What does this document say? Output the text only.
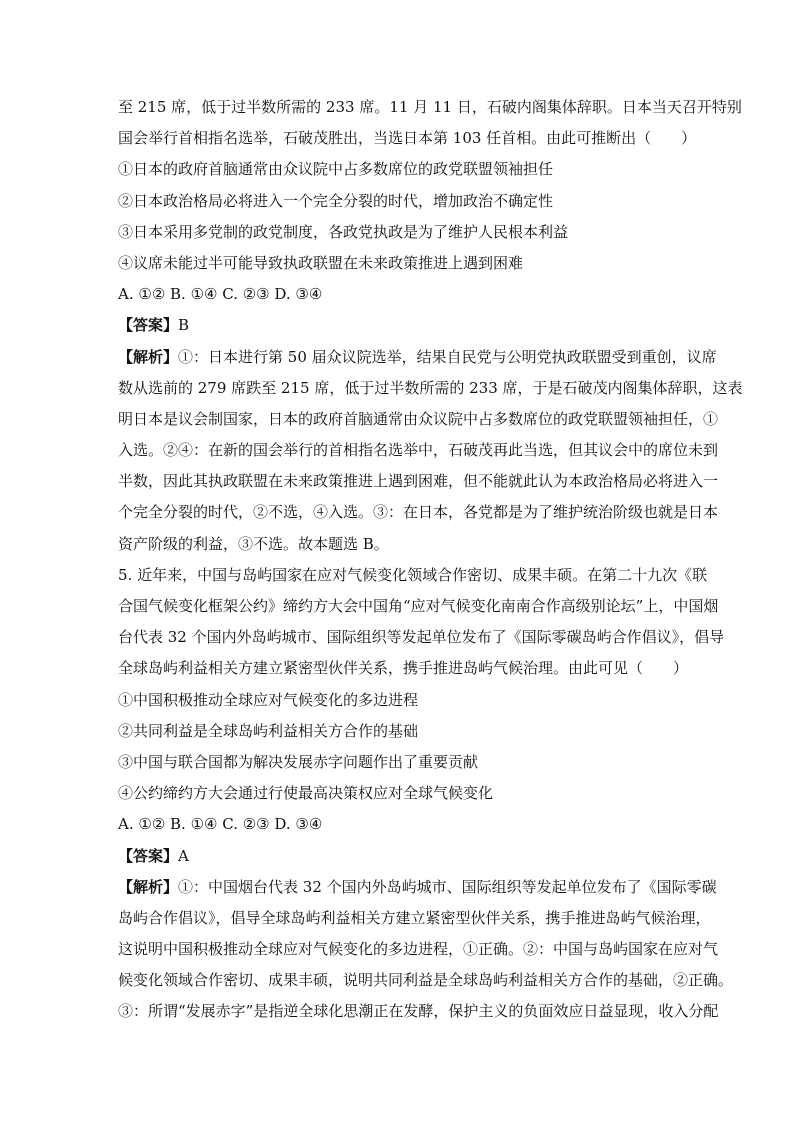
至 215 席，低于过半数所需的 233 席。11 月 11 日，石破内阁集体辞职。日本当天召开特别
国会举行首相指名选举，石破茂胜出，当选日本第 103 任首相。由此可推断出（　　）
①日本的政府首脑通常由众议院中占多数席位的政党联盟领袖担任
②日本政治格局必将进入一个完全分裂的时代，增加政治不确定性
③日本采用多党制的政党制度，各政党执政是为了维护人民根本利益
④议席未能过半可能导致执政联盟在未来政策推进上遇到困难
A. ①② B. ①④ C. ②③ D. ③④
【答案】B
【解析】①：日本进行第 50 届众议院选举，结果自民党与公明党执政联盟受到重创，议席
数从选前的 279 席跌至 215 席，低于过半数所需的 233 席，于是石破茂内阁集体辞职，这表
明日本是议会制国家，日本的政府首脑通常由众议院中占多数席位的政党联盟领袖担任，①
入选。②④：在新的国会举行的首相指名选举中，石破茂再此当选，但其议会中的席位未到
半数，因此其执政联盟在未来政策推进上遇到困难，但不能就此认为本政治格局必将进入一
个完全分裂的时代，②不选，④入选。③：在日本，各党都是为了维护统治阶级也就是日本
资产阶级的利益，③不选。故本题选 B。
5. 近年来，中国与岛屿国家在应对气候变化领域合作密切、成果丰硕。在第二十九次《联
合国气候变化框架公约》缔约方大会中国角“应对气候变化南南合作高级别论坛”上，中国烟
台代表 32 个国内外岛屿城市、国际组织等发起单位发布了《国际零碳岛屿合作倡议》，倡导
全球岛屿利益相关方建立紧密型伙伴关系，携手推进岛屿气候治理。由此可见（　　）
①中国积极推动全球应对气候变化的多边进程
②共同利益是全球岛屿利益相关方合作的基础
③中国与联合国都为解决发展赤字问题作出了重要贡献
④公约缔约方大会通过行使最高决策权应对全球气候变化
A. ①② B. ①④ C. ②③ D. ③④
【答案】A
【解析】①：中国烟台代表 32 个国内外岛屿城市、国际组织等发起单位发布了《国际零碳
岛屿合作倡议》，倡导全球岛屿利益相关方建立紧密型伙伴关系，携手推进岛屿气候治理，
这说明中国积极推动全球应对气候变化的多边进程，①正确。②：中国与岛屿国家在应对气
候变化领域合作密切、成果丰硕，说明共同利益是全球岛屿利益相关方合作的基础，②正确。
③：所谓“发展赤字”是指逆全球化思潮正在发酵，保护主义的负面效应日益显现，收入分配
